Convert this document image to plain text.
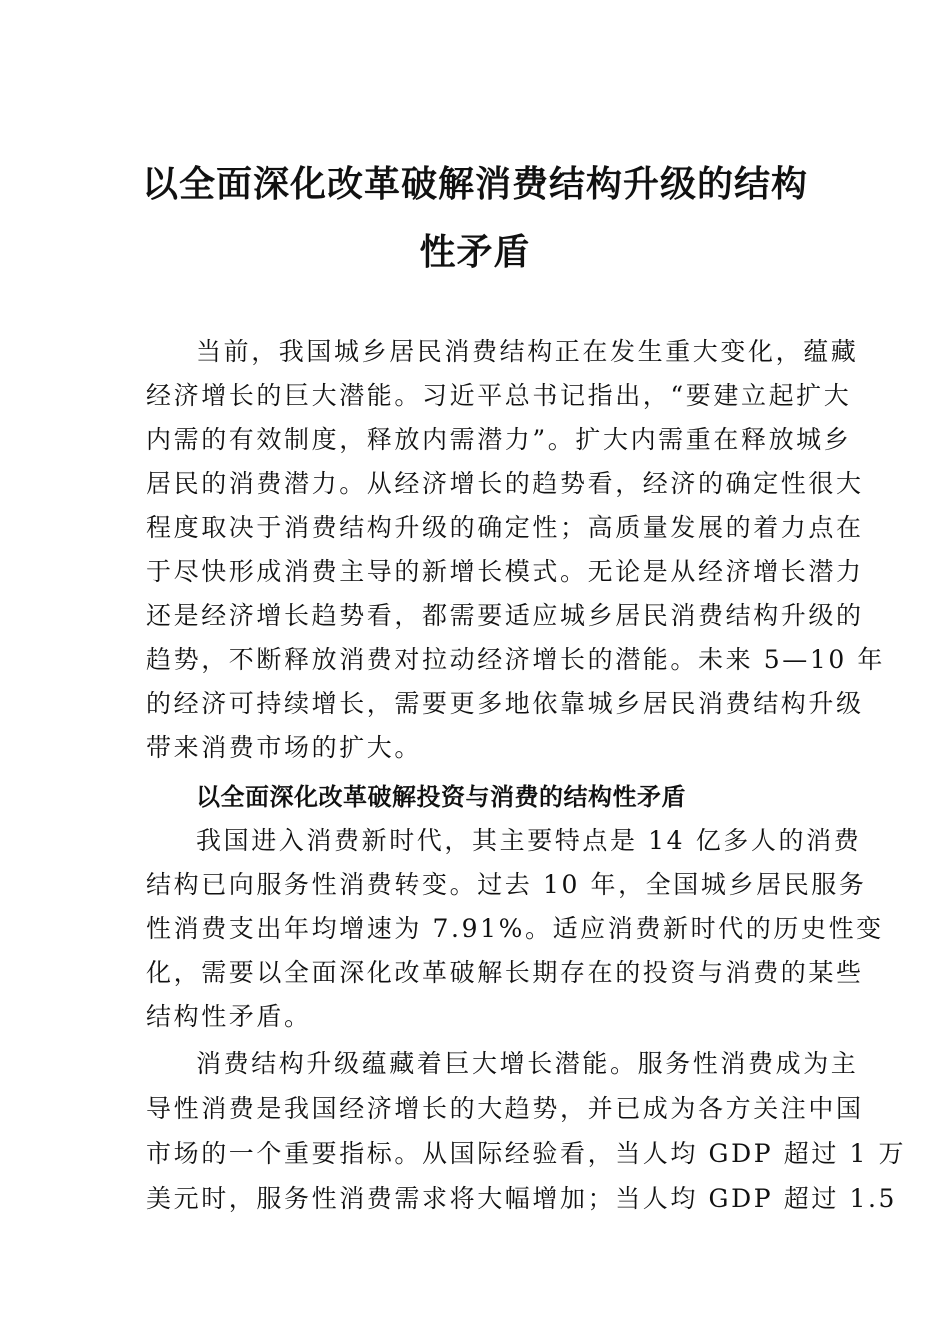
以全面深化改革破解消费结构升级的结构
性矛盾

当前，我国城乡居民消费结构正在发生重大变化，蕴藏

经济增长的巨大潜能。习近平总书记指出，“要建立起扩大

内需的有效制度，释放内需潜力”。扩大内需重在释放城乡

居民的消费潜力。从经济增长的趋势看，经济的确定性很大

程度取决于消费结构升级的确定性；高质量发展的着力点在

于尽快形成消费主导的新增长模式。无论是从经济增长潜力

还是经济增长趋势看，都需要适应城乡居民消费结构升级的

趋势，不断释放消费对拉动经济增长的潜能。未来 5—10 年

的经济可持续增长，需要更多地依靠城乡居民消费结构升级

带来消费市场的扩大。

以全面深化改革破解投资与消费的结构性矛盾

我国进入消费新时代，其主要特点是 14 亿多人的消费

结构已向服务性消费转变。过去 10 年，全国城乡居民服务

性消费支出年均增速为 7.91%。适应消费新时代的历史性变

化，需要以全面深化改革破解长期存在的投资与消费的某些

结构性矛盾。

消费结构升级蕴藏着巨大增长潜能。服务性消费成为主

导性消费是我国经济增长的大趋势，并已成为各方关注中国

市场的一个重要指标。从国际经验看，当人均 GDP 超过 1 万

美元时，服务性消费需求将大幅增加；当人均 GDP 超过 1.5
